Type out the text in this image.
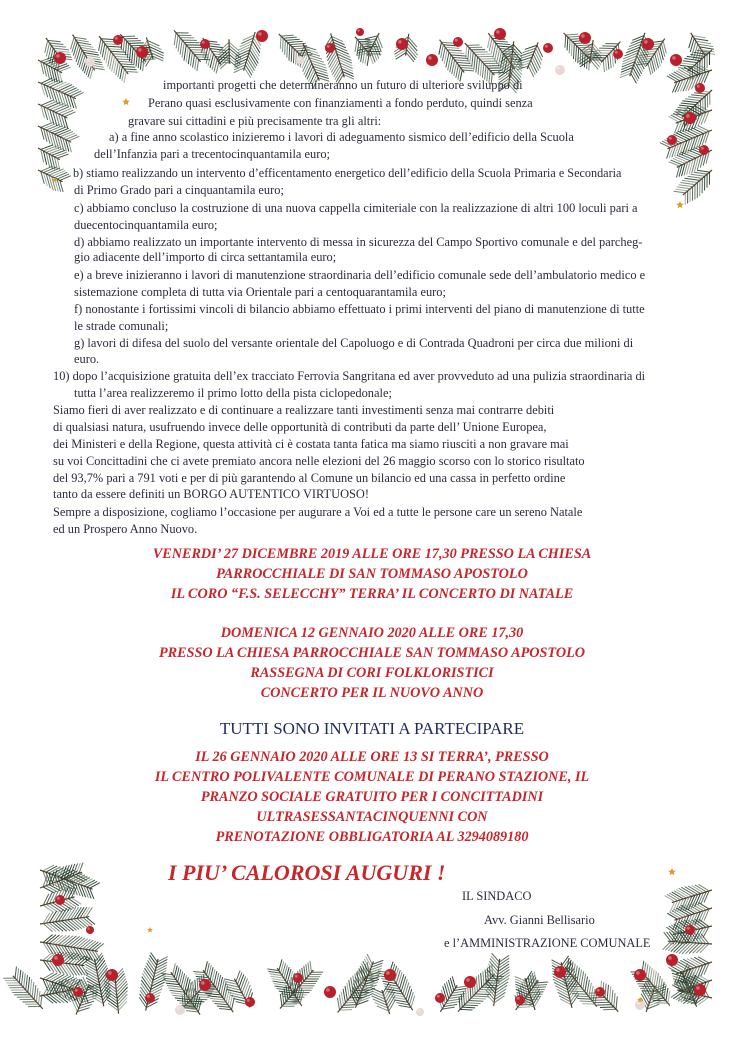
importanti progetti che determineranno un futuro di ulteriore sviluppo di
Perano quasi esclusivamente con finanziamenti a fondo perduto, quindi senza
gravare sui cittadini e più precisamente tra gli altri:
a) a fine anno scolastico inizieremo i lavori di adeguamento sismico dell’edificio della Scuola
dell’Infanzia pari a trecentocinquantamila euro;
b) stiamo realizzando un intervento d’efficentamento energetico dell’edificio della Scuola Primaria e Secondaria
di Primo Grado pari a cinquantamila euro;
c) abbiamo concluso la costruzione di una nuova cappella cimiteriale con la realizzazione di altri 100 loculi pari a
duecentocinquantamila euro;
d) abbiamo realizzato un importante intervento di messa in sicurezza del Campo Sportivo comunale e del parcheg-
gio adiacente dell’importo di circa settantamila euro;
e) a breve inizieranno i lavori di manutenzione straordinaria dell’edificio comunale sede dell’ambulatorio medico e
sistemazione completa di tutta via Orientale pari a centoquarantamila euro;
f) nonostante i fortissimi vincoli di bilancio abbiamo effettuato i primi interventi del piano di manutenzione di tutte
le strade comunali;
g) lavori di difesa del suolo del versante orientale del Capoluogo e di Contrada Quadroni per circa due milioni di
euro.
10) dopo l’acquisizione gratuita dell’ex tracciato Ferrovia Sangritana ed aver provveduto ad una pulizia straordinaria di
tutta l’area realizzeremo il primo lotto della pista ciclopedonale;
Siamo fieri di aver realizzato e di continuare a realizzare tanti investimenti senza mai contrarre debiti
di qualsiasi natura, usufruendo invece delle opportunità di contributi da parte dell’ Unione Europea,
dei Ministeri e della Regione, questa attività ci è costata tanta fatica ma siamo riusciti a non gravare mai
su voi Concittadini che ci avete premiato ancora nelle elezioni del 26 maggio scorso con lo storico risultato
del 93,7% pari a 791 voti e per di più garantendo al Comune un bilancio ed una cassa in perfetto ordine
tanto da essere definiti un BORGO AUTENTICO VIRTUOSO!
Sempre a disposizione, cogliamo l’occasione per augurare a Voi ed a tutte le persone care un sereno Natale
ed un Prospero Anno Nuovo.
VENERDI’ 27 DICEMBRE 2019 ALLE ORE 17,30 PRESSO LA CHIESA
PARROCCHIALE DI SAN TOMMASO APOSTOLO
IL CORO “F.S. SELECCHY” TERRA’ IL CONCERTO DI NATALE
DOMENICA 12 GENNAIO 2020 ALLE ORE 17,30
PRESSO LA CHIESA PARROCCHIALE SAN TOMMASO APOSTOLO
RASSEGNA DI CORI FOLKLORISTICI
CONCERTO PER IL NUOVO ANNO
TUTTI SONO INVITATI A PARTECIPARE
IL 26 GENNAIO 2020 ALLE ORE 13 SI TERRA’, PRESSO
IL CENTRO POLIVALENTE COMUNALE DI PERANO STAZIONE, IL
PRANZO SOCIALE GRATUITO PER I CONCITTADINI
ULTRASESSANTACINQUENNI CON
PRENOTAZIONE OBBLIGATORIA AL 3294089180
I PIU’ CALOROSI AUGURI !
IL SINDACO
Avv. Gianni Bellisario
e l’AMMINISTRAZIONE COMUNALE
